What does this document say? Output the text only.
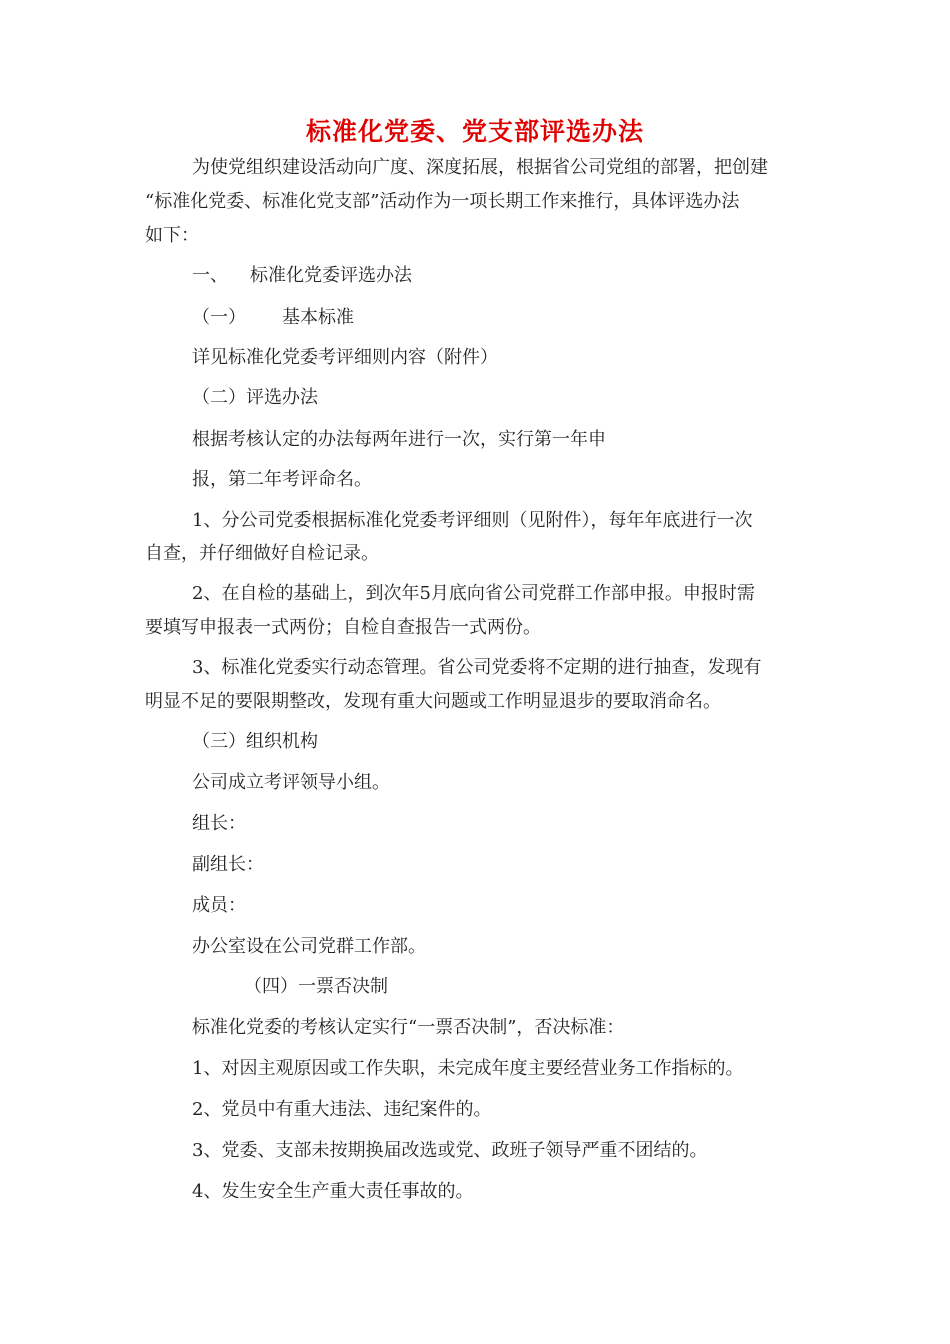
标准化党委、党支部评选办法
为使党组织建设活动向广度、深度拓展，根据省公司党组的部署，把创建
“标准化党委、标准化党支部”活动作为一项长期工作来推行，具体评选办法
如下：
一、 标准化党委评选办法
（一） 基本标准
详见标准化党委考评细则内容（附件）
（二）评选办法
根据考核认定的办法每两年进行一次，实行第一年申
报，第二年考评命名。
1、分公司党委根据标准化党委考评细则（见附件），每年年底进行一次
自查，并仔细做好自检记录。
2、在自检的基础上，到次年5月底向省公司党群工作部申报。申报时需
要填写申报表一式两份；自检自查报告一式两份。
3、标准化党委实行动态管理。省公司党委将不定期的进行抽查，发现有
明显不足的要限期整改，发现有重大问题或工作明显退步的要取消命名。
（三）组织机构
公司成立考评领导小组。
组长：
副组长：
成员：
办公室设在公司党群工作部。
（四）一票否决制
标准化党委的考核认定实行“一票否决制”，否决标准：
1、对因主观原因或工作失职，未完成年度主要经营业务工作指标的。
2、党员中有重大违法、违纪案件的。
3、党委、支部未按期换届改选或党、政班子领导严重不团结的。
4、发生安全生产重大责任事故的。
